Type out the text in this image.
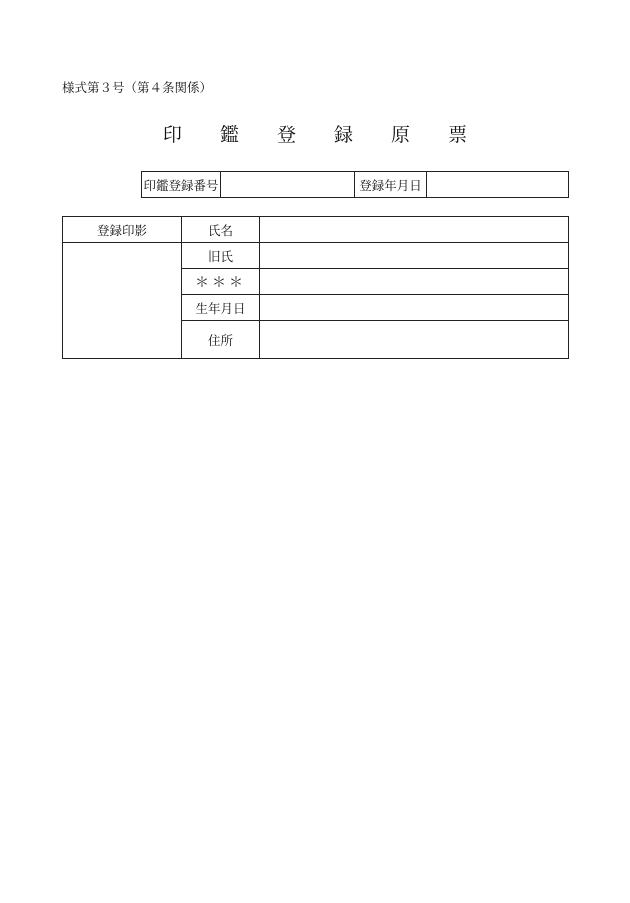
様式第３号（第４条関係）
印 鑑 登 録 原 票
印鑑登録番号		登録年月日	
登録印影	氏名	
	旧氏	
	＊＊＊	
	生年月日	
	住所	
